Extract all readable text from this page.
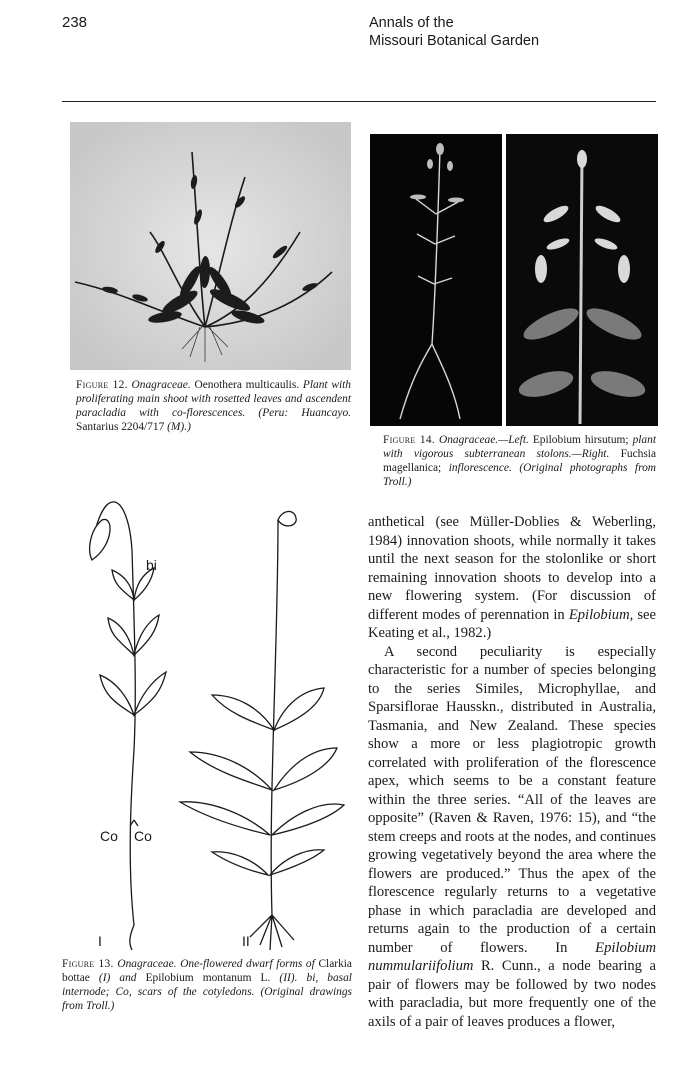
238	Annals of the
Missouri Botanical Garden
Figure 12. Onagraceae. Oenothera multicaulis. Plant with proliferating main shoot with rosetted leaves and ascendent paracladia with co-florescences. (Peru: Huancayo. Santarius 2204/717 (M).)
Figure 14. Onagraceae.—Left. Epilobium hirsutum; plant with vigorous subterranean stolons.—Right. Fuchsia magellanica; inflorescence. (Original photographs from Troll.)
bi
Co Co
I	II
Figure 13. Onagraceae. One-flowered dwarf forms of Clarkia bottae (I) and Epilobium montanum L. (II). bi, basal internode; Co, scars of the cotyledons. (Original drawings from Troll.)

anthetical (see Müller-Doblies & Weberling, 1984) innovation shoots, while normally it takes until the next season for the stolonlike or short remaining innovation shoots to develop into a new flowering system. (For discussion of different modes of perennation in Epilobium, see Keating et al., 1982.)

A second peculiarity is especially characteristic for a number of species belonging to the series Similes, Microphyllae, and Sparsiflorae Hausskn., distributed in Australia, Tasmania, and New Zealand. These species show a more or less plagiotropic growth correlated with proliferation of the florescence apex, which seems to be a constant feature within the three series. “All of the leaves are opposite” (Raven & Raven, 1976: 15), and “the stem creeps and roots at the nodes, and continues growing vegetatively beyond the area where the flowers are produced.” Thus the apex of the florescence regularly returns to a vegetative phase in which paracladia are developed and returns again to the production of a certain number of flowers. In Epilobium nummulariifolium R. Cunn., a node bearing a pair of flowers may be followed by two nodes with paracladia, but more frequently one of the axils of a pair of leaves produces a flower,
